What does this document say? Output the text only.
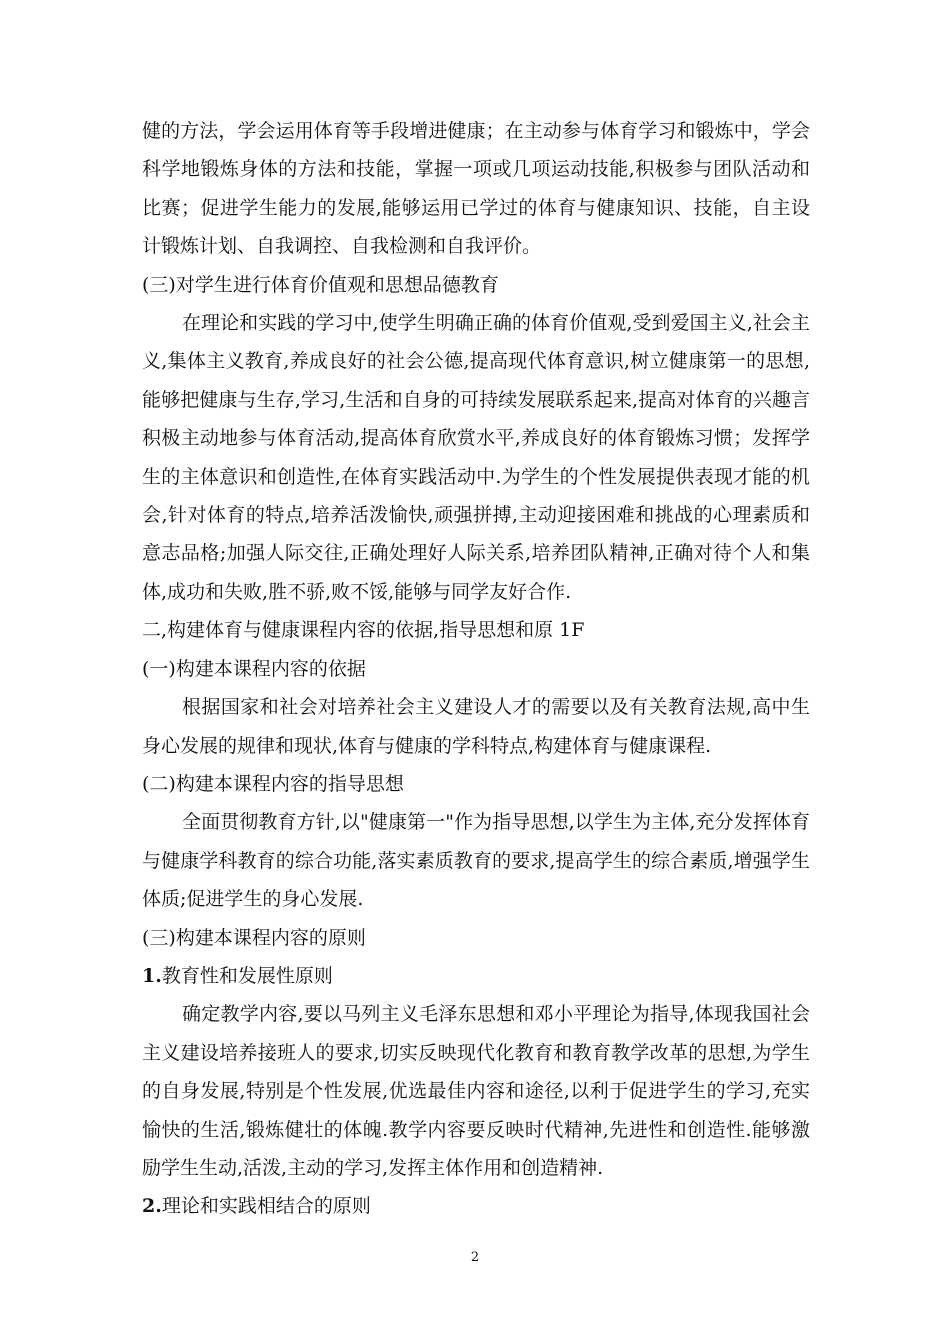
健的方法，学会运用体育等手段增进健康；在主动参与体育学习和锻炼中，学会科学地锻炼身体的方法和技能，掌握一项或几项运动技能,积极参与团队活动和比赛；促进学生能力的发展,能够运用已学过的体育与健康知识、技能，自主设计锻炼计划、自我调控、自我检测和自我评价。

(三)对学生进行体育价值观和思想品德教育

在理论和实践的学习中,使学生明确正确的体育价值观,受到爱国主义,社会主义,集体主义教育,养成良好的社会公德,提高现代体育意识,树立健康第一的思想,能够把健康与生存,学习,生活和自身的可持续发展联系起来,提高对体育的兴趣言积极主动地参与体育活动,提高体育欣赏水平,养成良好的体育锻炼习惯；发挥学生的主体意识和创造性,在体育实践活动中.为学生的个性发展提供表现才能的机会,针对体育的特点,培养活泼愉快,顽强拼搏,主动迎接困难和挑战的心理素质和意志品格;加强人际交往,正确处理好人际关系,培养团队精神,正确对待个人和集体,成功和失败,胜不骄,败不馁,能够与同学友好合作.

二,构建体育与健康课程内容的依据,指导思想和原 1F

(一)构建本课程内容的依据

根据国家和社会对培养社会主义建设人才的需要以及有关教育法规,高中生身心发展的规律和现状,体育与健康的学科特点,构建体育与健康课程.

(二)构建本课程内容的指导思想

全面贯彻教育方针,以"健康第一"作为指导思想,以学生为主体,充分发挥体育与健康学科教育的综合功能,落实素质教育的要求,提高学生的综合素质,增强学生体质;促进学生的身心发展.

(三)构建本课程内容的原则

1.教育性和发展性原则

确定教学内容,要以马列主义毛泽东思想和邓小平理论为指导,体现我国社会主义建设培养接班人的要求,切实反映现代化教育和教育教学改革的思想,为学生的自身发展,特别是个性发展,优选最佳内容和途径,以利于促进学生的学习,充实愉快的生活,锻炼健壮的体魄.教学内容要反映时代精神,先进性和创造性.能够激励学生生动,活泼,主动的学习,发挥主体作用和创造精神.

2.理论和实践相结合的原则

2
